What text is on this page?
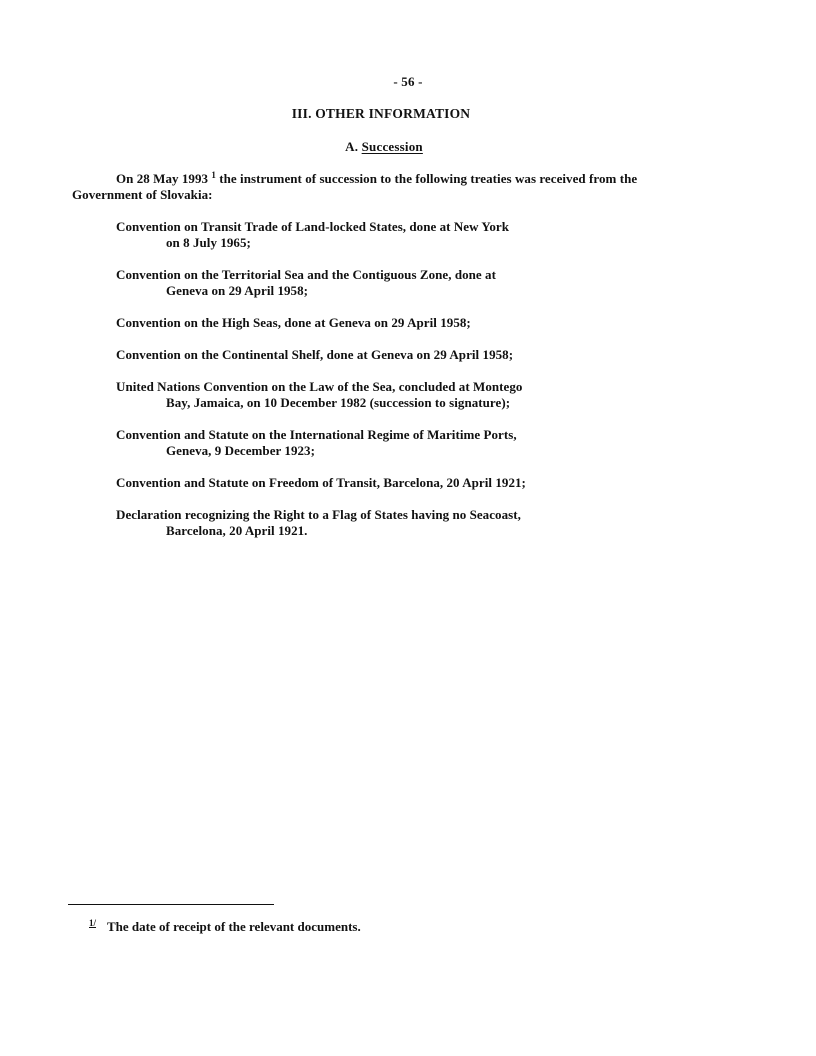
- 56 -
III. OTHER INFORMATION
A. Succession
On 28 May 1993 $^1$ the instrument of succession to the following treaties was received from the
Government of Slovakia:
Convention on Transit Trade of Land-locked States, done at New York
on 8 July 1965;
Convention on the Territorial Sea and the Contiguous Zone, done at
Geneva on 29 April 1958;
Convention on the High Seas, done at Geneva on 29 April 1958;
Convention on the Continental Shelf, done at Geneva on 29 April 1958;
United Nations Convention on the Law of the Sea, concluded at Montego
Bay, Jamaica, on 10 December 1982 (succession to signature);
Convention and Statute on the International Regime of Maritime Ports,
Geneva, 9 December 1923;
Convention and Statute on Freedom of Transit, Barcelona, 20 April 1921;
Declaration recognizing the Right to a Flag of States having no Seacoast,
Barcelona, 20 April 1921.
1/ The date of receipt of the relevant documents.
